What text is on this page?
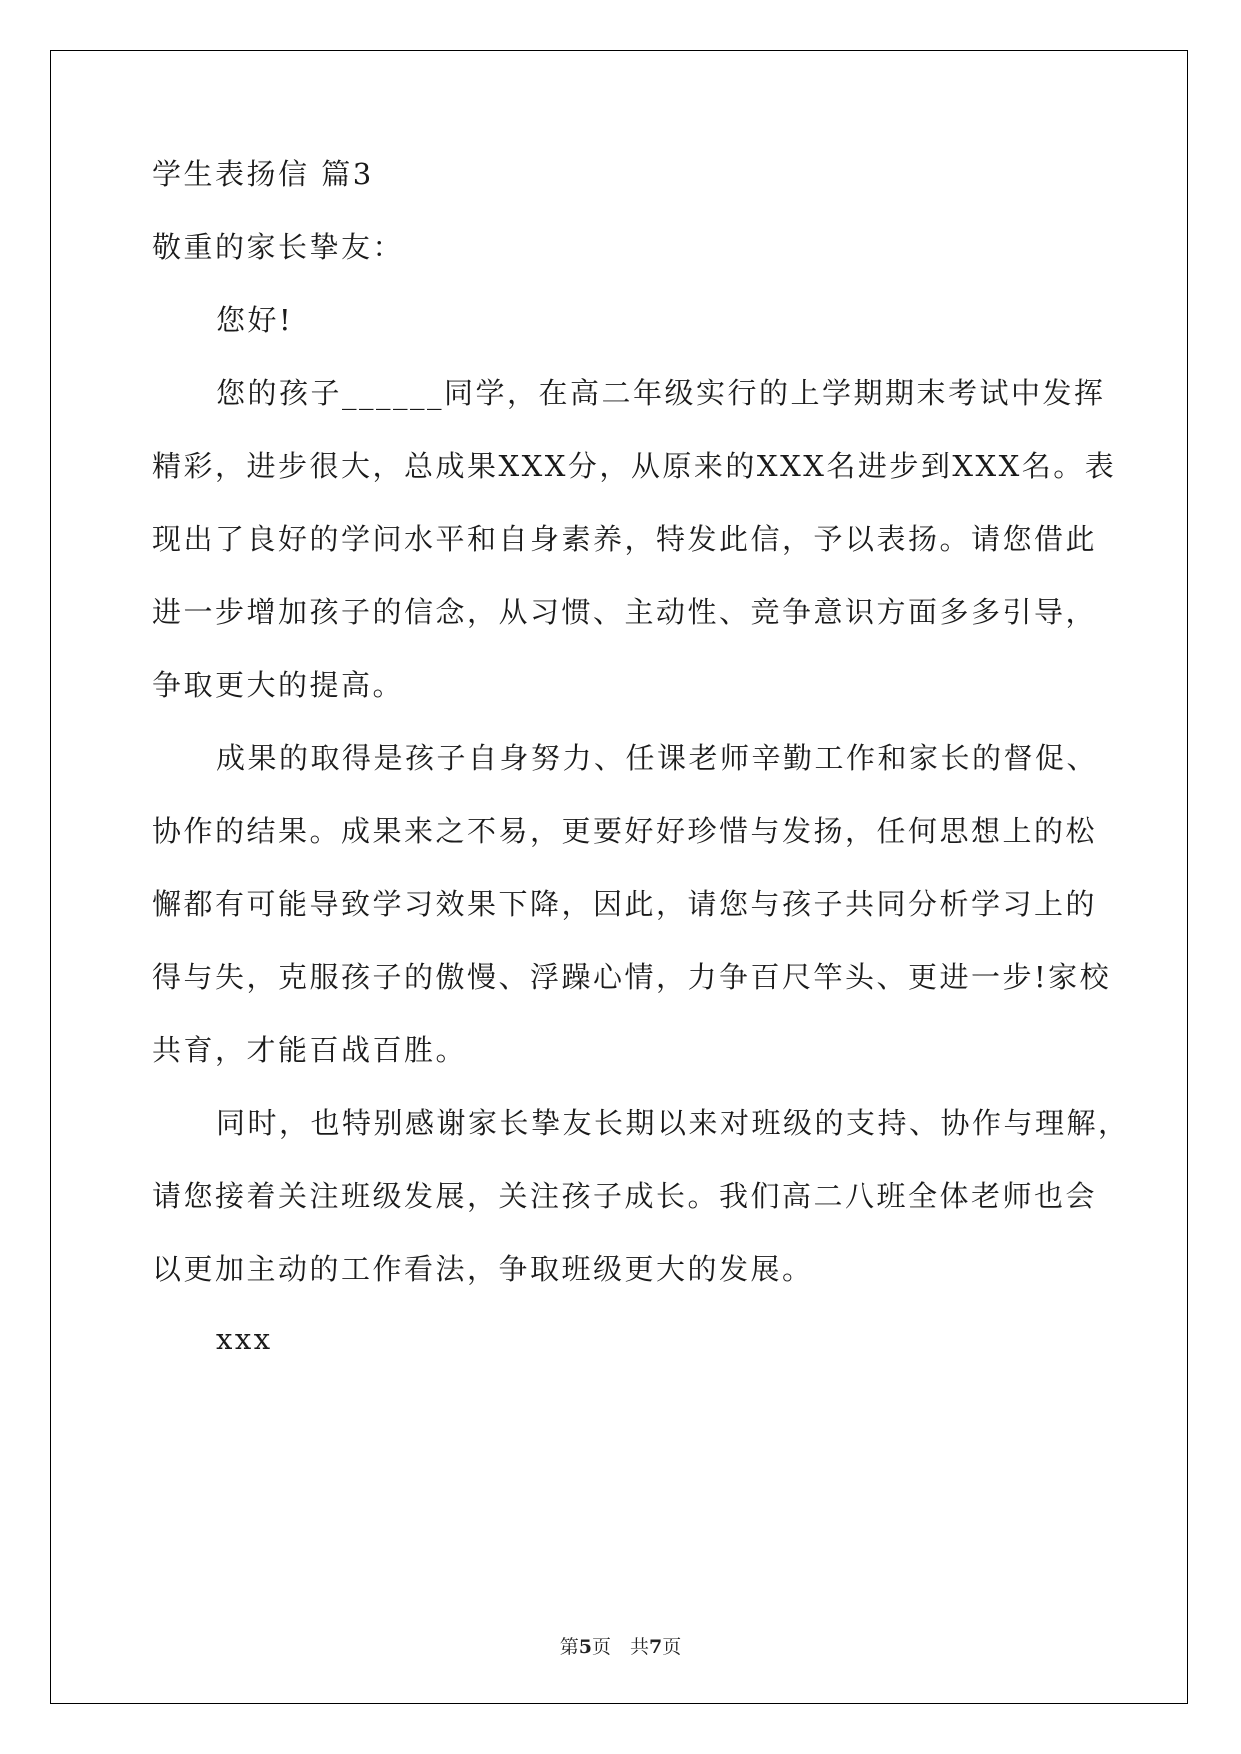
学生表扬信 篇3
敬重的家长挚友：
您好!
您的孩子______同学，在高二年级实行的上学期期末考试中发挥
精彩，进步很大，总成果XXX分，从原来的XXX名进步到XXX名。表
现出了良好的学问水平和自身素养，特发此信，予以表扬。请您借此
进一步增加孩子的信念，从习惯、主动性、竞争意识方面多多引导，
争取更大的提高。
成果的取得是孩子自身努力、任课老师辛勤工作和家长的督促、
协作的结果。成果来之不易，更要好好珍惜与发扬，任何思想上的松
懈都有可能导致学习效果下降，因此，请您与孩子共同分析学习上的
得与失，克服孩子的傲慢、浮躁心情，力争百尺竿头、更进一步!家校
共育，才能百战百胜。
同时，也特别感谢家长挚友长期以来对班级的支持、协作与理解，
请您接着关注班级发展，关注孩子成长。我们高二八班全体老师也会
以更加主动的工作看法，争取班级更大的发展。
xxx
第5页　共7页
